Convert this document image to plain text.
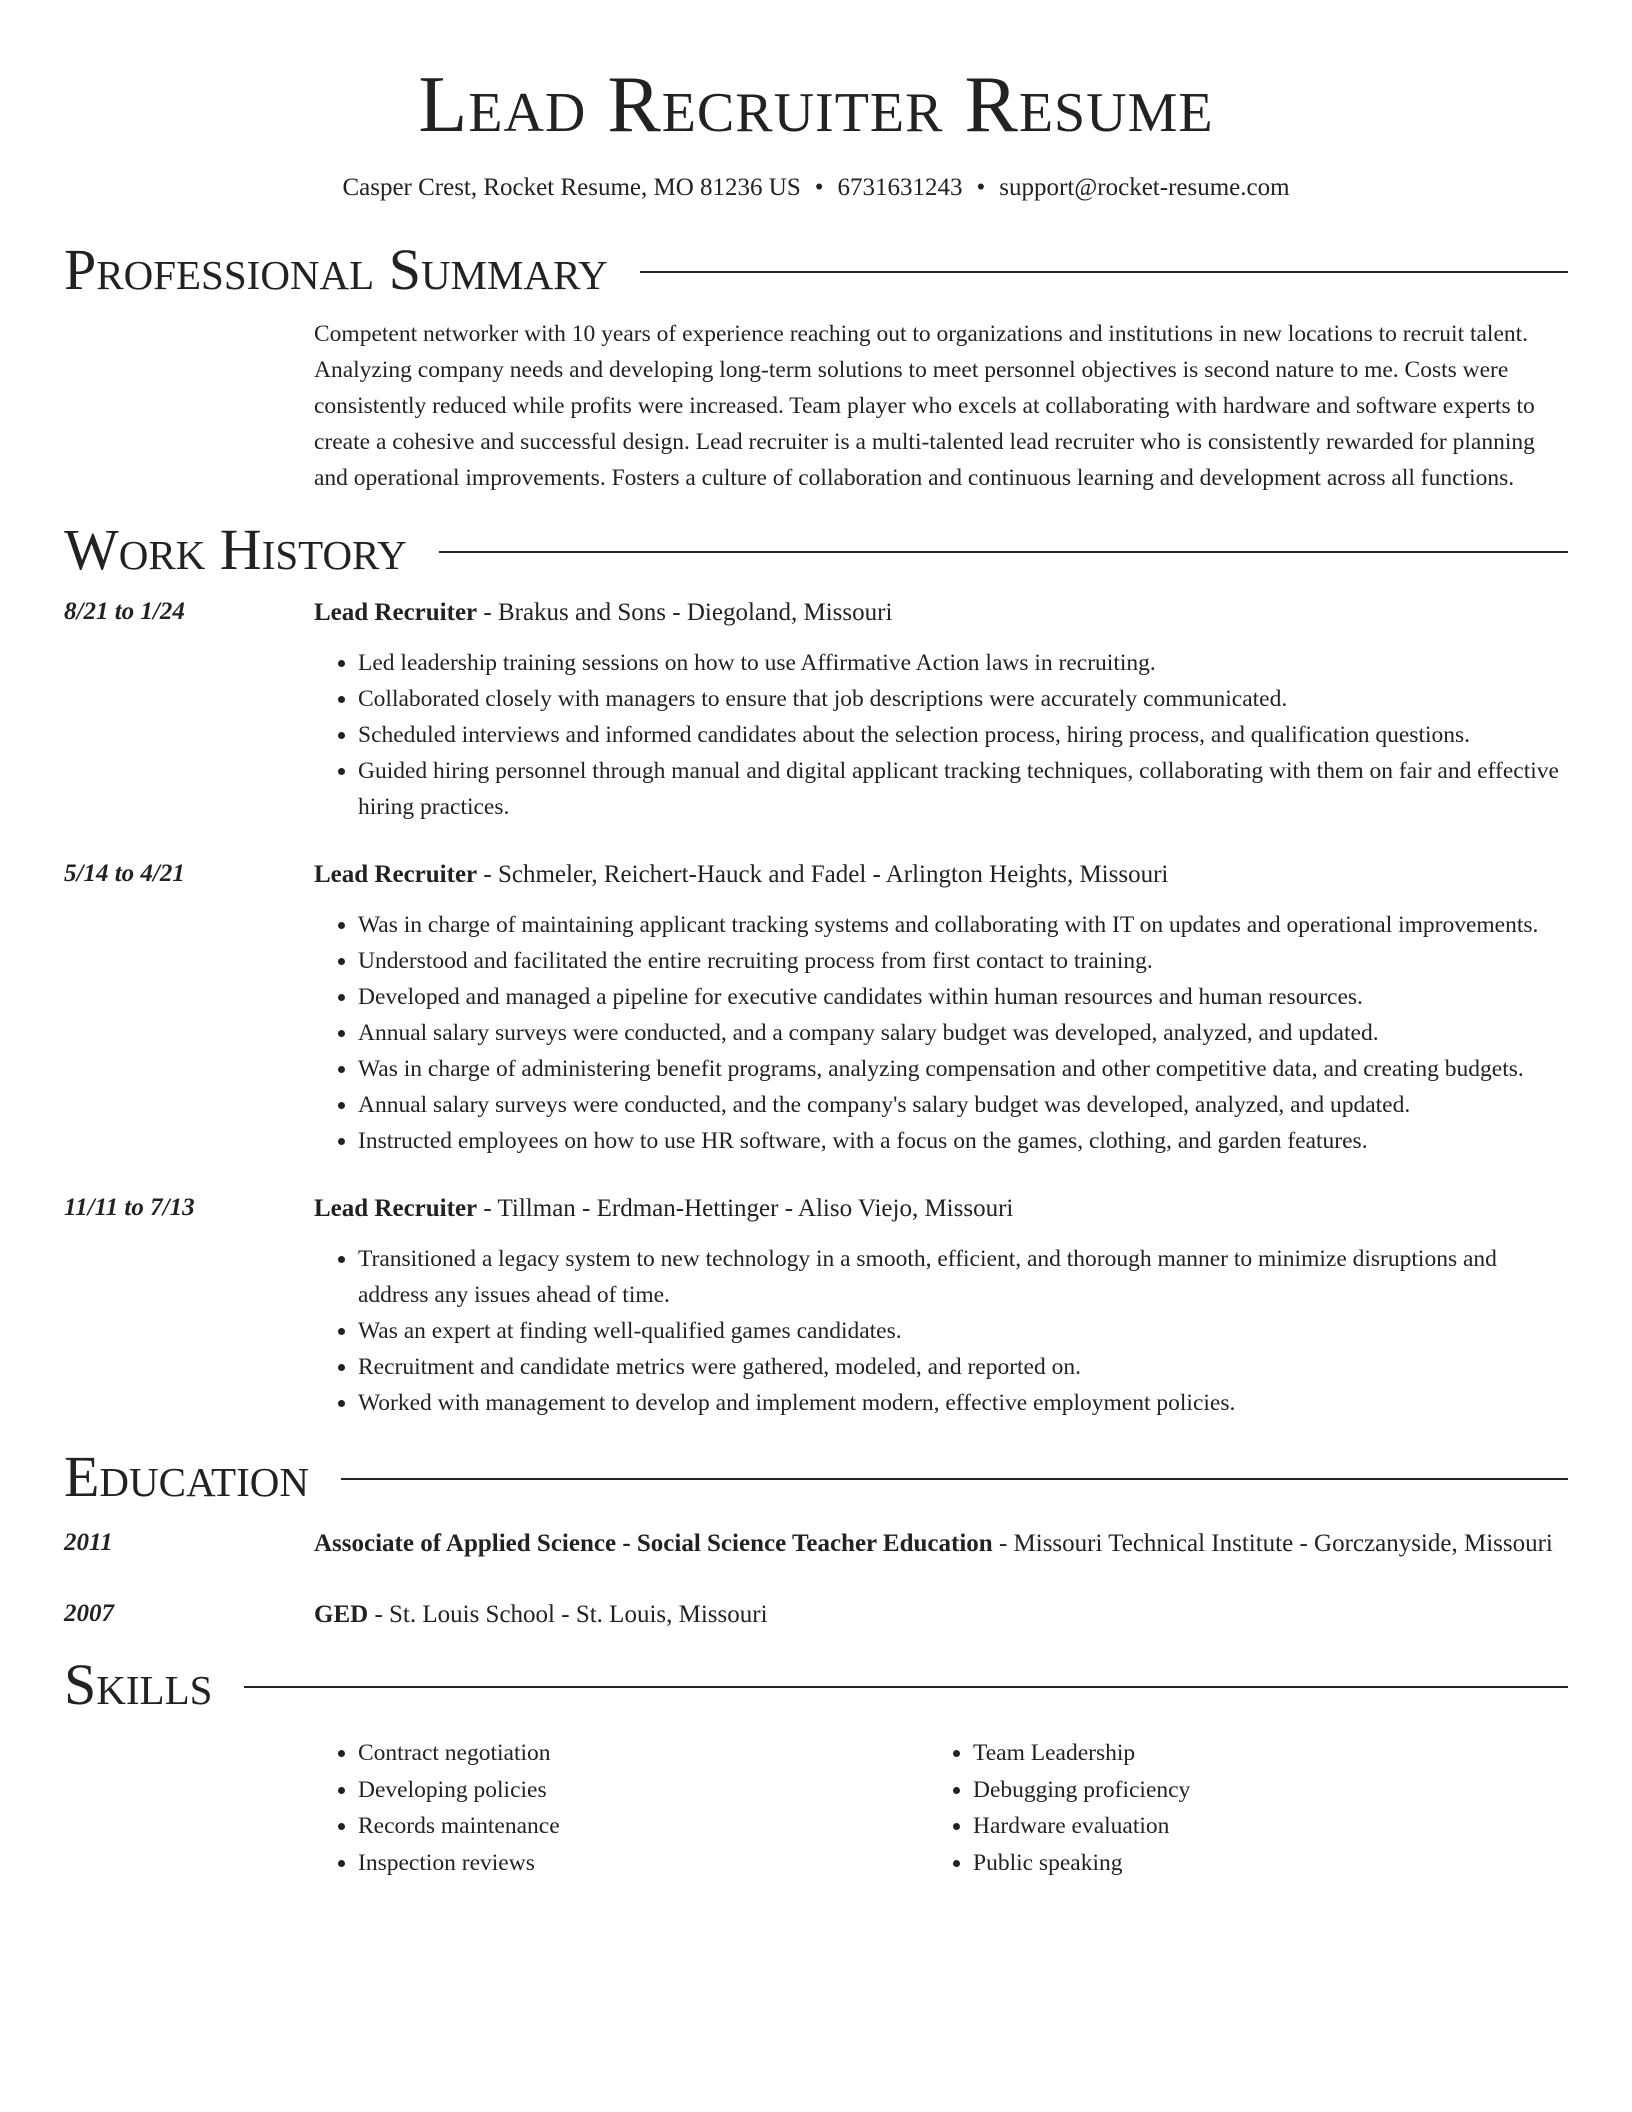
Lead Recruiter Resume
Casper Crest, Rocket Resume, MO 81236 US • 6731631243 • support@rocket-resume.com
Professional Summary
Competent networker with 10 years of experience reaching out to organizations and institutions in new locations to recruit talent. Analyzing company needs and developing long-term solutions to meet personnel objectives is second nature to me. Costs were consistently reduced while profits were increased. Team player who excels at collaborating with hardware and software experts to create a cohesive and successful design. Lead recruiter is a multi-talented lead recruiter who is consistently rewarded for planning and operational improvements. Fosters a culture of collaboration and continuous learning and development across all functions.
Work History
8/21 to 1/24	Lead Recruiter - Brakus and Sons - Diegoland, Missouri
• Led leadership training sessions on how to use Affirmative Action laws in recruiting.
• Collaborated closely with managers to ensure that job descriptions were accurately communicated.
• Scheduled interviews and informed candidates about the selection process, hiring process, and qualification questions.
• Guided hiring personnel through manual and digital applicant tracking techniques, collaborating with them on fair and effective hiring practices.
5/14 to 4/21	Lead Recruiter - Schmeler, Reichert-Hauck and Fadel - Arlington Heights, Missouri
• Was in charge of maintaining applicant tracking systems and collaborating with IT on updates and operational improvements.
• Understood and facilitated the entire recruiting process from first contact to training.
• Developed and managed a pipeline for executive candidates within human resources and human resources.
• Annual salary surveys were conducted, and a company salary budget was developed, analyzed, and updated.
• Was in charge of administering benefit programs, analyzing compensation and other competitive data, and creating budgets.
• Annual salary surveys were conducted, and the company's salary budget was developed, analyzed, and updated.
• Instructed employees on how to use HR software, with a focus on the games, clothing, and garden features.
11/11 to 7/13	Lead Recruiter - Tillman - Erdman-Hettinger - Aliso Viejo, Missouri
• Transitioned a legacy system to new technology in a smooth, efficient, and thorough manner to minimize disruptions and address any issues ahead of time.
• Was an expert at finding well-qualified games candidates.
• Recruitment and candidate metrics were gathered, modeled, and reported on.
• Worked with management to develop and implement modern, effective employment policies.
Education
2011	Associate of Applied Science - Social Science Teacher Education - Missouri Technical Institute - Gorczanyside, Missouri
2007	GED - St. Louis School - St. Louis, Missouri
Skills
• Contract negotiation
• Developing policies
• Records maintenance
• Inspection reviews
• Team Leadership
• Debugging proficiency
• Hardware evaluation
• Public speaking
